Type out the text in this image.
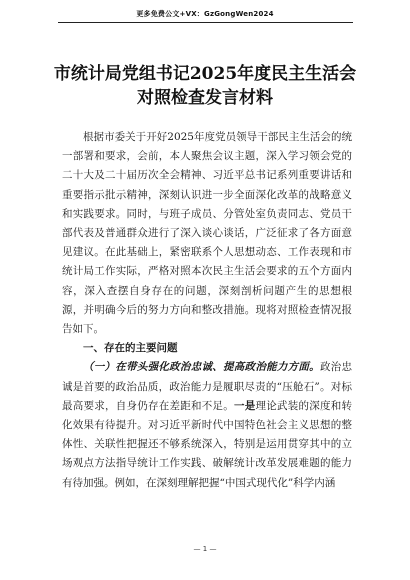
更多免费公文+VX：GzGongWen2024
市统计局党组书记2025年度民主生活会
对照检查发言材料

根据市委关于开好2025年度党员领导干部民主生活会的统一部署和要求，会前，本人聚焦会议主题，深入学习领会党的二十大及二十届历次全会精神、习近平总书记系列重要讲话和重要指示批示精神，深刻认识进一步全面深化改革的战略意义和实践要求。同时，与班子成员、分管处室负责同志、党员干部代表及普通群众进行了深入谈心谈话，广泛征求了各方面意见建议。在此基础上，紧密联系个人思想动态、工作表现和市统计局工作实际，严格对照本次民主生活会要求的五个方面内容，深入查摆自身存在的问题，深刻剖析问题产生的思想根源，并明确今后的努力方向和整改措施。现将对照检查情况报告如下。

一、存在的主要问题

（一）在带头强化政治忠诚、提高政治能力方面。政治忠诚是首要的政治品质，政治能力是履职尽责的“压舱石”。对标最高要求，自身仍存在差距和不足。一是理论武装的深度和转化效果有待提升。对习近平新时代中国特色社会主义思想的整体性、关联性把握还不够系统深入，特别是运用贯穿其中的立场观点方法指导统计工作实践、破解统计改革发展难题的能力有待加强。例如，在深刻理解把握“中国式现代化”科学内涵

— 1 —
